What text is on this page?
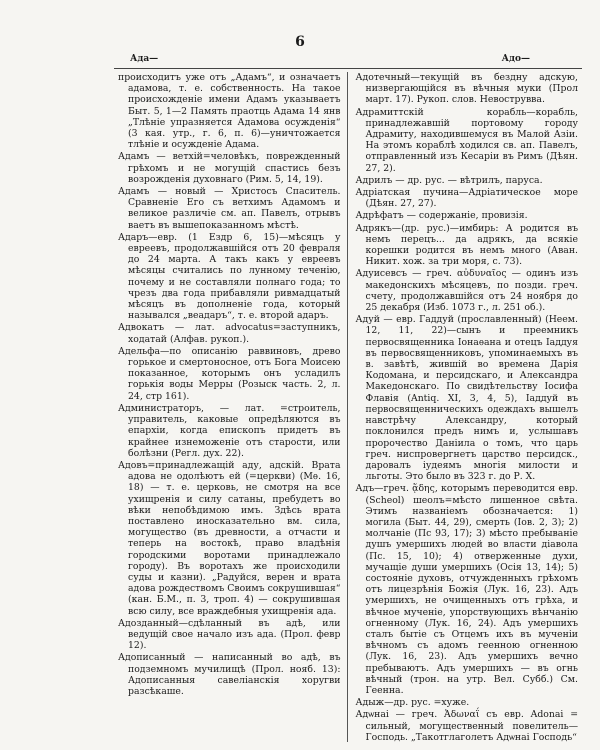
Ада—
6
Адо—

происходитъ уже отъ „Адамъ“, и означаетъ адамова, т. е. собственность. На такое происхожденіе имени Адамъ указываетъ Быт. 5, 1—2 Память праотць Адама 14 янв „Тлѣніе упразняется Адамова осужденія“ (3 кая. утр., г. 6, п. 6)—уничтожается тлѣніе и осужденіе Адама.

Адамъ — ветхій=человѣкъ, поврежденный грѣхомъ и не могущій спастись безъ возрожденія духовнаго (Рим. 5, 14, 19).

Адамъ — новый — Христосъ Спаситель. Сравненіе Его съ ветхимъ Адамомъ и великое различіе см. ап. Павелъ, отрывъ ваетъ въ вышепоказанномъ мѣстѣ.

Адаръ—евр. (1 Ездр 6, 15)—мѣсяцъ у евреевъ, продолжавшійся отъ 20 февраля до 24 марта. А такъ какъ у евреевъ мѣсяцы считались по лунному теченію, почему и не составляли полнаго года; то чрезъ два года прибавляли ривмадцатый мѣсяцъ въ дополненіе года, который назывался „веадаръ“, т. е. второй адаръ.

Адвокатъ — лат. advocatus=заступникъ, ходатай (Алфав. рукоп.).

Адельфа—по описанію раввиновъ, древо горькое и смертоносное, отъ Бога Моисею показанное, которымъ онъ усладилъ горькія воды Мерры (Розыск часть. 2, л. 24, стр 161).

Администраторъ, — лат. =строитель, управитель, каковые опредѣляются въ епархіи, когда епископъ придетъ въ крайнее изнеможеніе отъ старости, или болѣзни (Регл. дух. 22).

Адовъ=принадлежащій аду, адскій. Врата адова не одолѣютъ ей (=церкви) (Мѳ. 16, 18) — т. е. церковь, не смотря на все ухищренія и силу сатаны, пребудетъ во вѣки непобѣдимою имъ. Здѣсь врата поставлено иносказательно вм. сила, могущество (въ древности, а отчасти и теперь на востокѣ, право владѣнія городскими воротами принадлежало городу). Въ воротахъ же происходили суды и казни). „Радуйся, верен и врата адова рождествомъ Своимъ сокрушившая“ (кан. Б.М., п. 3, троп. 4) — сокрушившая всю силу, все враждебныя ухищренія ада.

Адозданный—сдѣланный въ адѣ, или ведущій свое начало изъ ада. (Прол. февр 12).

Адописанный — написанный во адѣ, въ подземномъ мучилищѣ (Прол. нояб. 13): Адописанныя савеліанскія хоругви разсѣкаше.

Адотечный—текущій въ бездну адскую, низвергающійся въ вѣчныя муки (Прол март. 17). Рукоп. слов. Невострувва.

Адрамиттскій корабль—корабль, принадлежавшій портовому городу Адрамиту, находившемуся въ Малой Азіи. На этомъ кораблѣ ходился св. ап. Павелъ, отправленный изъ Кесаріи въ Римъ (Дѣян. 27, 2).

Адрилъ — др. рус. — вѣтрилъ, паруса.

Адріатская пучина—Адріатическое море (Дѣян. 27, 27).

Адрѣфатъ — содержаніе, провизія.

Адрякъ—(др. рус.)—имбирь: А родится въ немъ перецъ... да адрякъ, да всякіе корешки родится въ немъ много (Аван. Никит. хож. за три моря, с. 73).

Адуисевсъ — греч. αὐδυναῖος — одинъ изъ македонскихъ мѣсяцевъ, по позди. греч. счету, продолжавшійся отъ 24 ноября до 25 декабря (Изб. 1073 г., л. 251 об.).

Адуй — евр. Гаддуй (прославленный) (Неем. 12, 11, 22)—сынъ и преемникъ первосвященника Іонаѳана и отецъ Іаддуя въ первосвященниковъ, упоминаемыхъ въ в. завѣтѣ, жившій во времена Дарія Кодомана, и персидскаго, и Александра Македонскаго. По свидѣтельству Іосифа Флавія (Antiq. XI, 3, 4, 5), Іаддуй въ первосвященническихъ одеждахъ вышелъ навстрѣчу Александру, который поклонился предъ нимъ и, услышавъ пророчество Даніила о томъ, что царь греч. ниспровергнетъ царство персидск., даровалъ іудеямъ многія милости и льготы. Это было въ 323 г. до Р. Х.

Адъ—греч. ᾅδης, которымъ переводится евр. (Scheol) шеолъ=мѣсто лишенное свѣта. Этимъ названіемъ обозначается: 1) могила (Быт. 44, 29), смерть (Іов. 2, 3); 2) молчаніе (Пс 93, 17); 3) мѣсто пребываніе душъ умершихъ людей во власти діавола (Пс. 15, 10); 4) отверженные духи, мучащіе души умершихъ (Осія 13, 14); 5) состояніе духовъ, отчужденныхъ грѣхомъ отъ лицезрѣнія Божія (Лук. 16, 23). Адъ умершихъ, не очищенныхъ отъ грѣха, и вѣчное мученіе, упорствующихъ вѣнчанію огненному (Лук. 16, 24). Адъ умершихъ сталъ бытіе съ Отцемъ ихъ въ мученіи вѣчномъ съ адомъ геенною огненною (Лук. 16, 23). Адъ умершихъ вечно пребываютъ. Адъ умершихъ — въ огнь вѣчный (трон. на утр. Вел. Субб.) См. Геенна.

Адыж—др. рус. =хуже.

Адѡнаі — греч. Ἀδωναΐ съ евр. Adonai = сильный, могущественный повелитель—Господь. „Такотглаголетъ Адѡнаі Господь“
